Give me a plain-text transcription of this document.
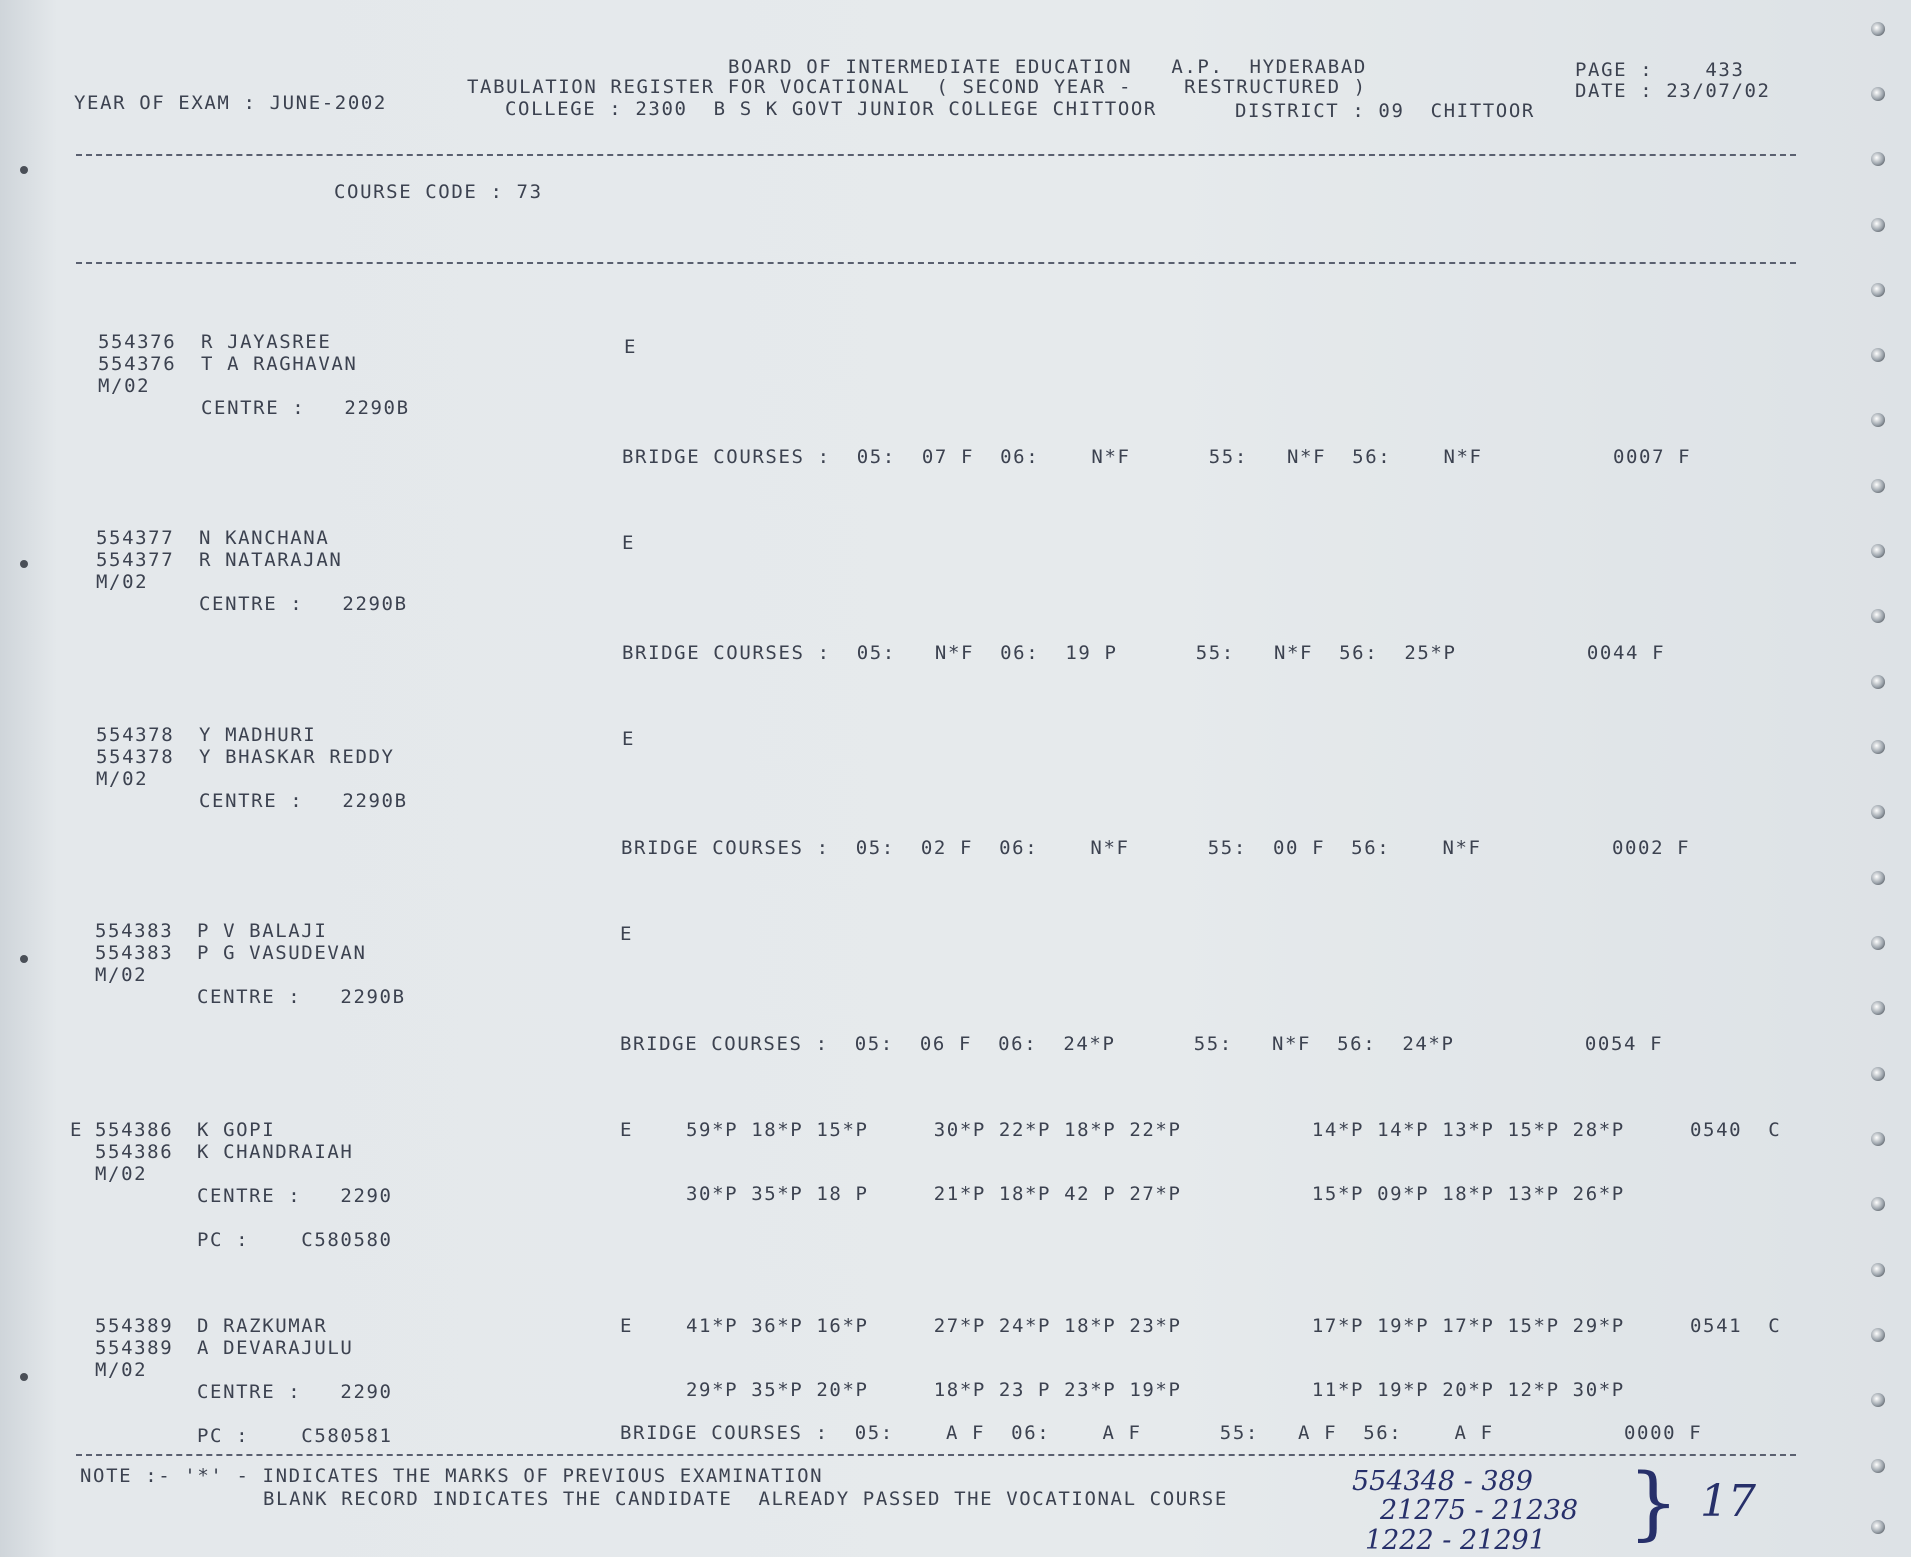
BOARD OF INTERMEDIATE EDUCATION   A.P.  HYDERABAD
TABULATION REGISTER FOR VOCATIONAL  ( SECOND YEAR -    RESTRUCTURED )
YEAR OF EXAM : JUNE-2002	COLLEGE : 2300  B S K GOVT JUNIOR COLLEGE CHITTOOR	DISTRICT : 09  CHITTOOR
PAGE :    433
DATE : 23/07/02
COURSE CODE : 73
554376 R JAYASREE
554376 T A RAGHAVAN
M/02
CENTRE :   2290B
E
BRIDGE COURSES :  05:  07 F  06:    N*F      55:   N*F  56:    N*F          0007 F
554377 N KANCHANA
554377 R NATARAJAN
M/02
CENTRE :   2290B
E
BRIDGE COURSES :  05:   N*F  06:  19 P      55:   N*F  56:  25*P          0044 F
554378 Y MADHURI
554378 Y BHASKAR REDDY
M/02
CENTRE :   2290B
E
BRIDGE COURSES :  05:  02 F  06:    N*F      55:  00 F  56:    N*F          0002 F
554383 P V BALAJI
554383 P G VASUDEVAN
M/02
CENTRE :   2290B
E
BRIDGE COURSES :  05:  06 F  06:  24*P      55:   N*F  56:  24*P          0054 F
E 554386 K GOPI
554386 K CHANDRAIAH
M/02
CENTRE :   2290
PC :    C580580
E	59*P 18*P 15*P     30*P 22*P 18*P 22*P          14*P 14*P 13*P 15*P 28*P     0540  C
30*P 35*P 18 P     21*P 18*P 42 P 27*P          15*P 09*P 18*P 13*P 26*P
554389 D RAZKUMAR
554389 A DEVARAJULU
M/02
CENTRE :   2290
PC :    C580581
E	41*P 36*P 16*P     27*P 24*P 18*P 23*P          17*P 19*P 17*P 15*P 29*P     0541  C
29*P 35*P 20*P     18*P 23 P 23*P 19*P          11*P 19*P 20*P 12*P 30*P
BRIDGE COURSES :  05:    A F  06:    A F      55:   A F  56:    A F          0000 F
NOTE :- '*' - INDICATES THE MARKS OF PREVIOUS EXAMINATION
BLANK RECORD INDICATES THE CANDIDATE  ALREADY PASSED THE VOCATIONAL COURSE
554348 - 389
21275 - 21238
1222 - 21291 } 17
